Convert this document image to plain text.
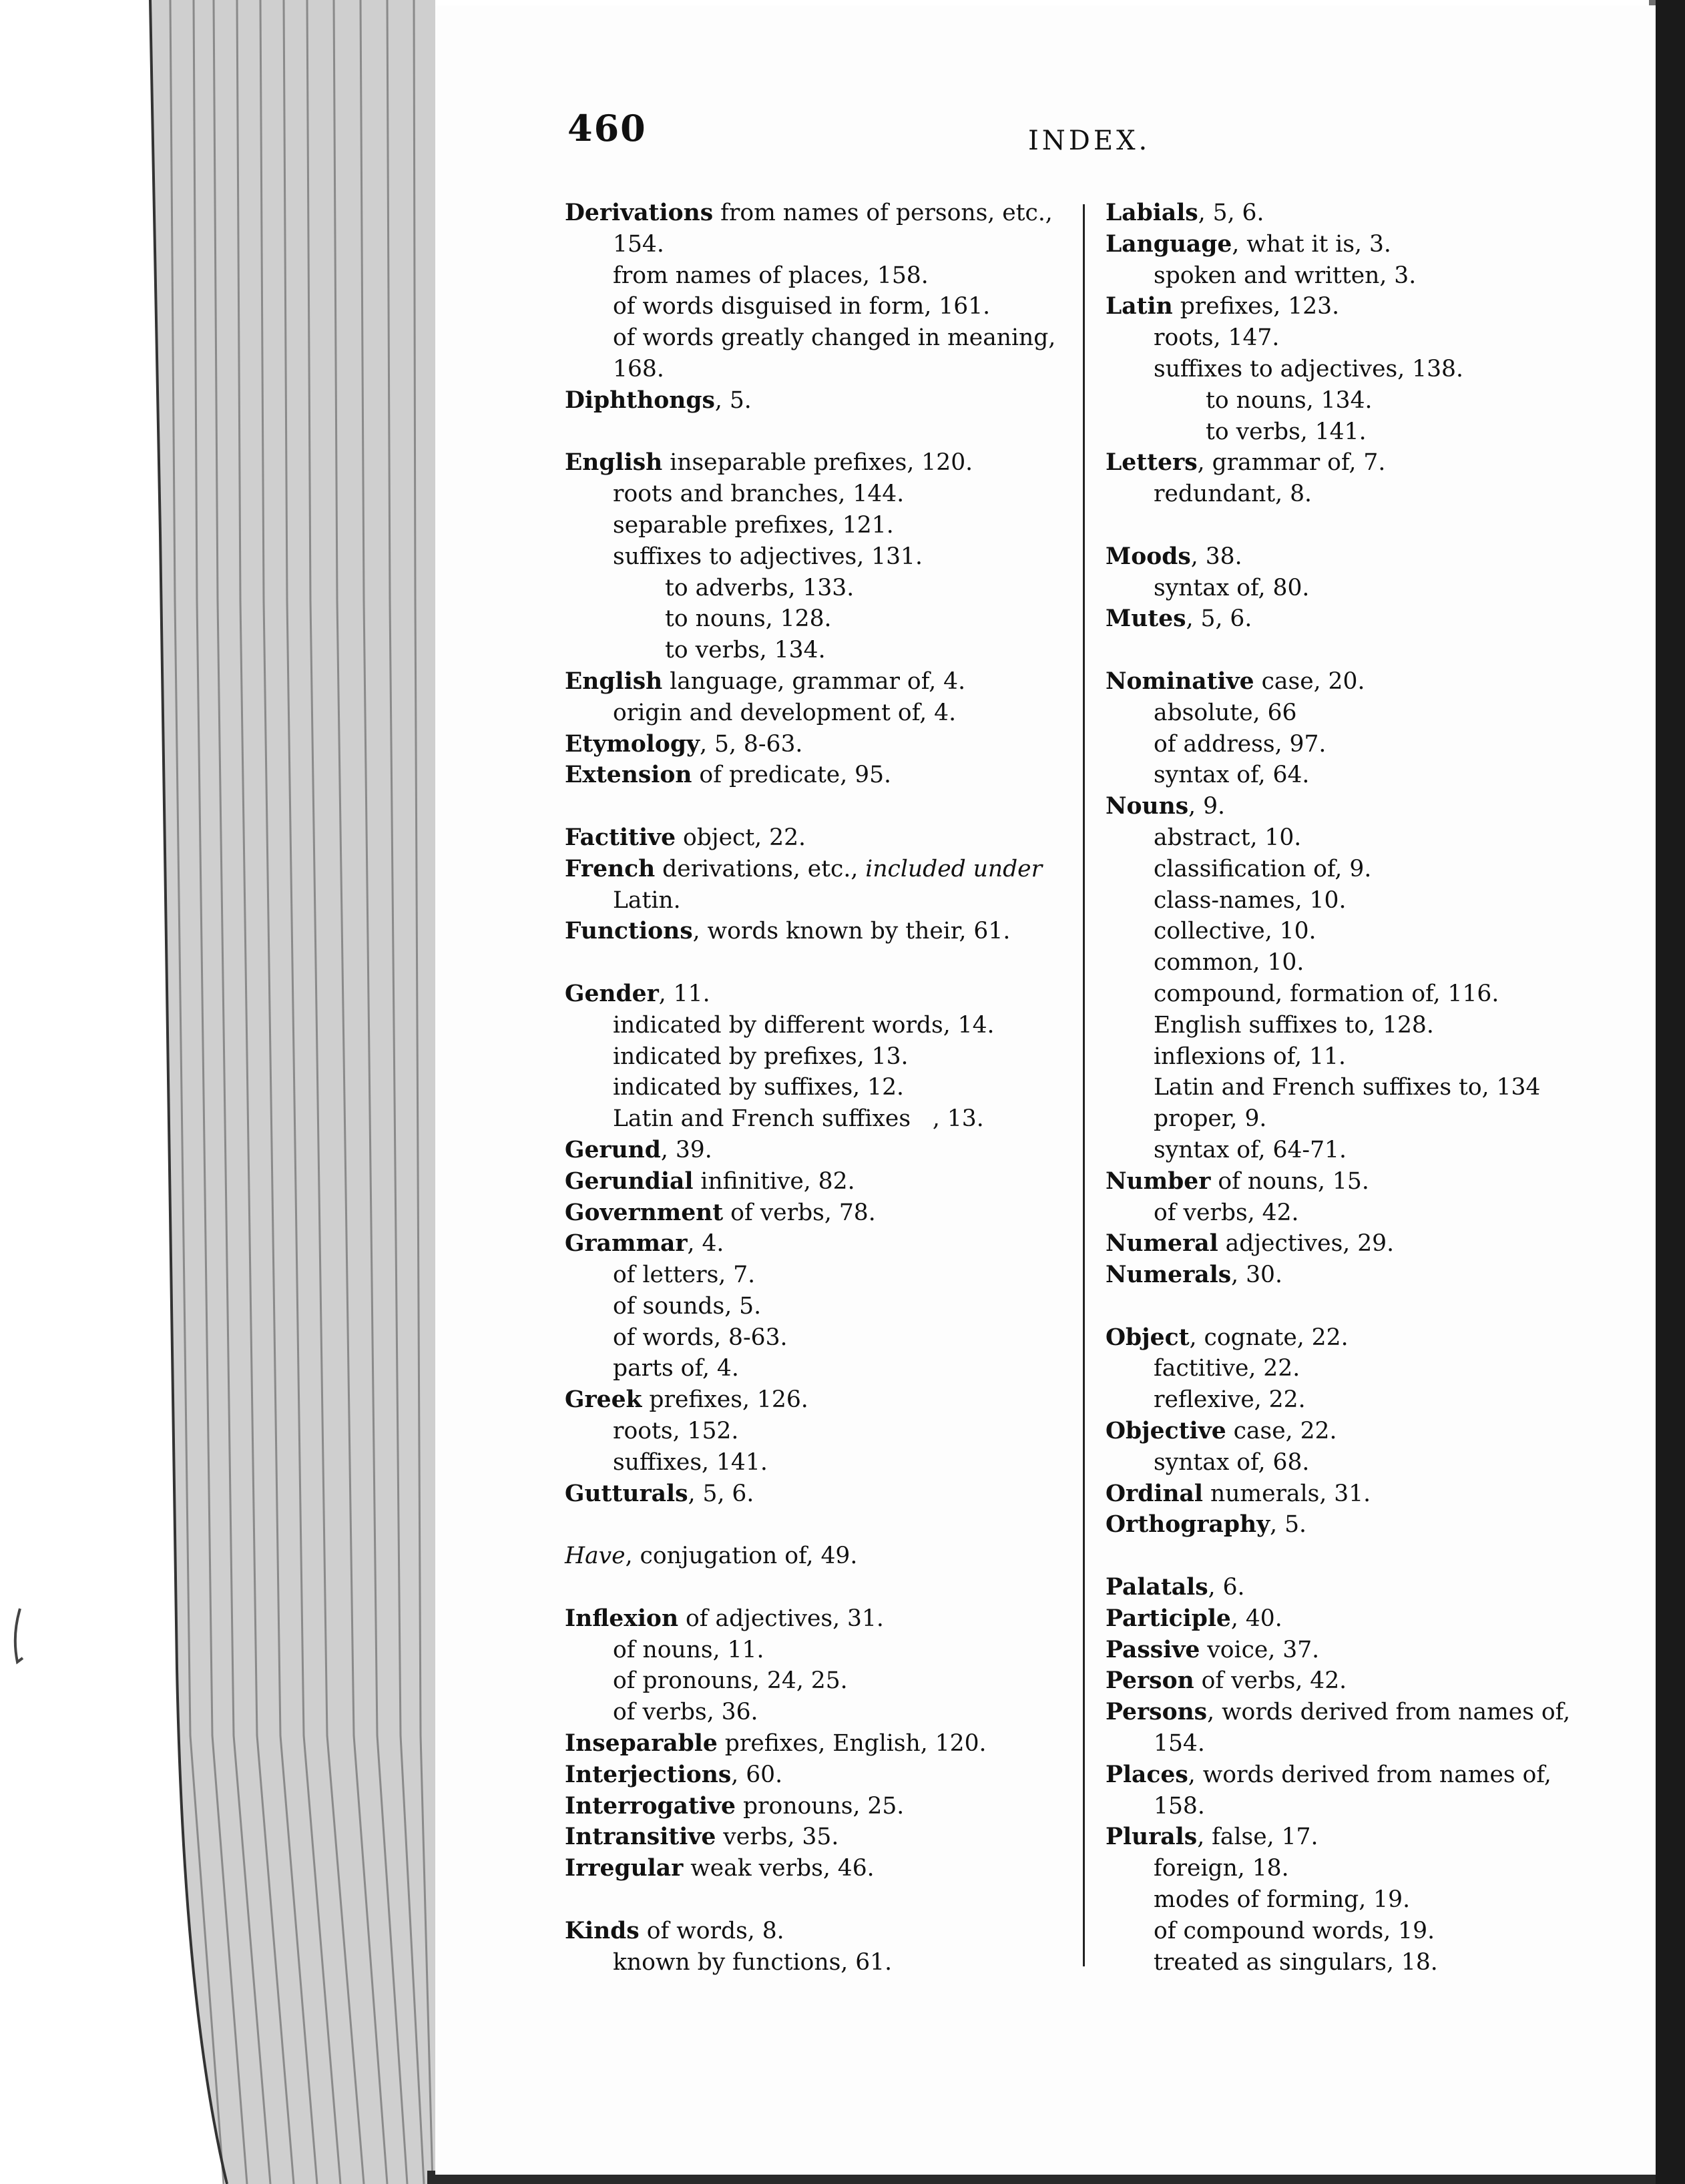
460	INDEX.
Derivations from names of persons, etc.,
154.
from names of places, 158.
of words disguised in form, 161.
of words greatly changed in meaning,
168.
Diphthongs, 5.
English inseparable prefixes, 120.
roots and branches, 144.
separable prefixes, 121.
suffixes to adjectives, 131.
to adverbs, 133.
to nouns, 128.
to verbs, 134.
English language, grammar of, 4.
origin and development of, 4.
Etymology, 5, 8-63.
Extension of predicate, 95.
Factitive object, 22.
French derivations, etc., included under
Latin.
Functions, words known by their, 61.
Gender, 11.
indicated by different words, 14.
indicated by prefixes, 13.
indicated by suffixes, 12.
Latin and French suffixes   , 13.
Gerund, 39.
Gerundial infinitive, 82.
Government of verbs, 78.
Grammar, 4.
of letters, 7.
of sounds, 5.
of words, 8-63.
parts of, 4.
Greek prefixes, 126.
roots, 152.
suffixes, 141.
Gutturals, 5, 6.
Have, conjugation of, 49.
Inflexion of adjectives, 31.
of nouns, 11.
of pronouns, 24, 25.
of verbs, 36.
Inseparable prefixes, English, 120.
Interjections, 60.
Interrogative pronouns, 25.
Intransitive verbs, 35.
Irregular weak verbs, 46.
Kinds of words, 8.
known by functions, 61.
Labials, 5, 6.
Language, what it is, 3.
spoken and written, 3.
Latin prefixes, 123.
roots, 147.
suffixes to adjectives, 138.
to nouns, 134.
to verbs, 141.
Letters, grammar of, 7.
redundant, 8.
Moods, 38.
syntax of, 80.
Mutes, 5, 6.
Nominative case, 20.
absolute, 66
of address, 97.
syntax of, 64.
Nouns, 9.
abstract, 10.
classification of, 9.
class-names, 10.
collective, 10.
common, 10.
compound, formation of, 116.
English suffixes to, 128.
inflexions of, 11.
Latin and French suffixes to, 134
proper, 9.
syntax of, 64-71.
Number of nouns, 15.
of verbs, 42.
Numeral adjectives, 29.
Numerals, 30.
Object, cognate, 22.
factitive, 22.
reflexive, 22.
Objective case, 22.
syntax of, 68.
Ordinal numerals, 31.
Orthography, 5.
Palatals, 6.
Participle, 40.
Passive voice, 37.
Person of verbs, 42.
Persons, words derived from names of,
154.
Places, words derived from names of,
158.
Plurals, false, 17.
foreign, 18.
modes of forming, 19.
of compound words, 19.
treated as singulars, 18.
